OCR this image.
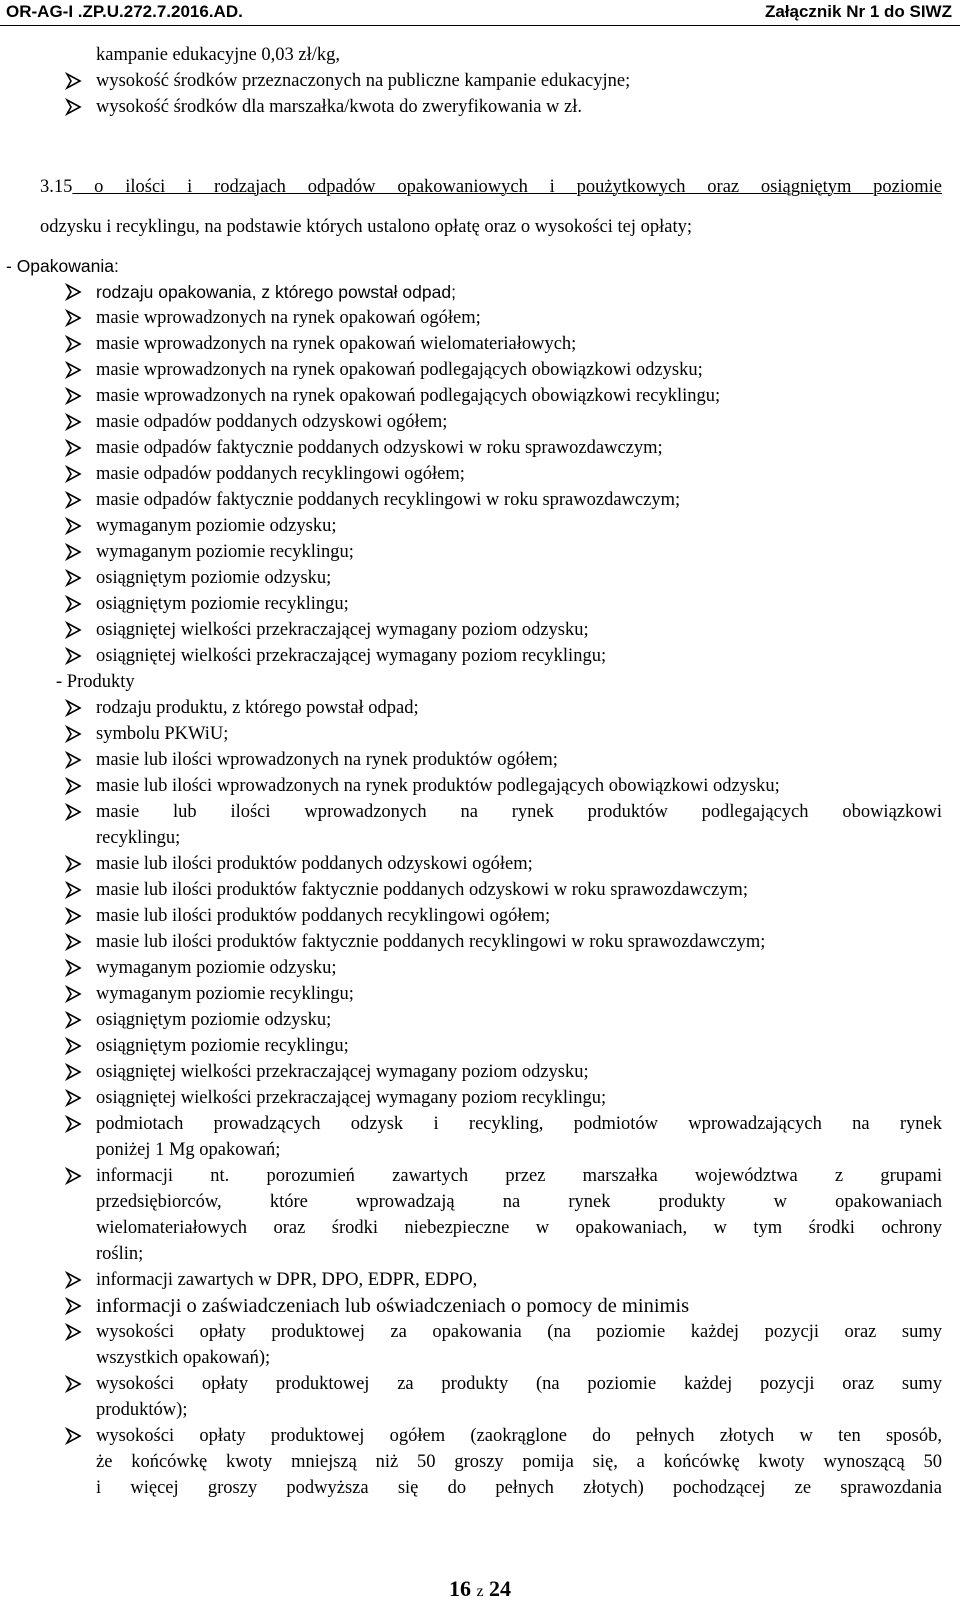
OR-AG-I .ZP.U.272.7.2016.AD.	Załącznik Nr 1 do SIWZ
kampanie edukacyjne 0,03 zł/kg,
wysokość środków przeznaczonych na publiczne kampanie edukacyjne;
wysokość środków dla marszałka/kwota do zweryfikowania w zł.
3.15 o ilości i rodzajach odpadów opakowaniowych i poużytkowych oraz osiągniętym poziomie
odzysku i recyklingu, na podstawie których ustalono opłatę oraz o wysokości tej opłaty;
- Opakowania:
rodzaju opakowania, z którego powstał odpad;
masie wprowadzonych na rynek opakowań ogółem;
masie wprowadzonych na rynek opakowań wielomateriałowych;
masie wprowadzonych na rynek opakowań podlegających obowiązkowi odzysku;
masie wprowadzonych na rynek opakowań podlegających obowiązkowi recyklingu;
masie odpadów poddanych odzyskowi ogółem;
masie odpadów faktycznie poddanych odzyskowi w roku sprawozdawczym;
masie odpadów poddanych recyklingowi ogółem;
masie odpadów faktycznie poddanych recyklingowi w roku sprawozdawczym;
wymaganym poziomie odzysku;
wymaganym poziomie recyklingu;
osiągniętym poziomie odzysku;
osiągniętym poziomie recyklingu;
osiągniętej wielkości przekraczającej wymagany poziom odzysku;
osiągniętej wielkości przekraczającej wymagany poziom recyklingu;
- Produkty
rodzaju produktu, z którego powstał odpad;
symbolu PKWiU;
masie lub ilości wprowadzonych na rynek produktów ogółem;
masie lub ilości wprowadzonych na rynek produktów podlegających obowiązkowi odzysku;
masie lub ilości wprowadzonych na rynek produktów podlegających obowiązkowi
recyklingu;
masie lub ilości produktów poddanych odzyskowi ogółem;
masie lub ilości produktów faktycznie poddanych odzyskowi w roku sprawozdawczym;
masie lub ilości produktów poddanych recyklingowi ogółem;
masie lub ilości produktów faktycznie poddanych recyklingowi w roku sprawozdawczym;
wymaganym poziomie odzysku;
wymaganym poziomie recyklingu;
osiągniętym poziomie odzysku;
osiągniętym poziomie recyklingu;
osiągniętej wielkości przekraczającej wymagany poziom odzysku;
osiągniętej wielkości przekraczającej wymagany poziom recyklingu;
podmiotach prowadzących odzysk i recykling, podmiotów wprowadzających na rynek
poniżej 1 Mg opakowań;
informacji nt. porozumień zawartych przez marszałka województwa z grupami
przedsiębiorców, które wprowadzają na rynek produkty w opakowaniach
wielomateriałowych oraz środki niebezpieczne w opakowaniach, w tym środki ochrony
roślin;
informacji zawartych w DPR, DPO, EDPR, EDPO,
informacji o zaświadczeniach lub oświadczeniach o pomocy de minimis
wysokości opłaty produktowej za opakowania (na poziomie każdej pozycji oraz sumy
wszystkich opakowań);
wysokości opłaty produktowej za produkty (na poziomie każdej pozycji oraz sumy
produktów);
wysokości opłaty produktowej ogółem (zaokrąglone do pełnych złotych w ten sposób,
że końcówkę kwoty mniejszą niż 50 groszy pomija się, a końcówkę kwoty wynoszącą 50
i więcej groszy podwyższa się do pełnych złotych) pochodzącej ze sprawozdania
16 z 24
